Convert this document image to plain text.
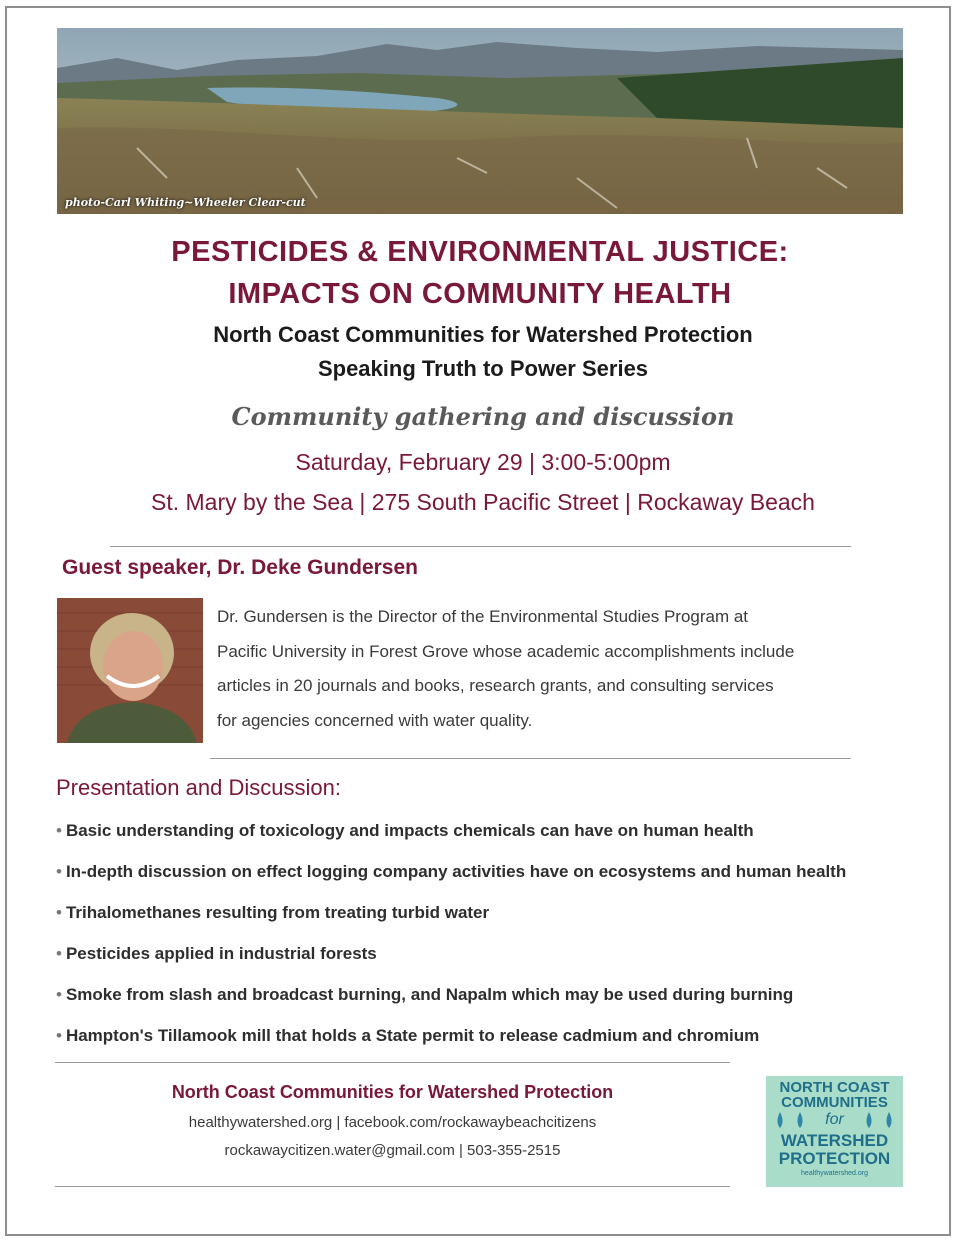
photo-Carl Whiting~Wheeler Clear-cut
PESTICIDES & ENVIRONMENTAL JUSTICE:
IMPACTS ON COMMUNITY HEALTH
North Coast Communities for Watershed Protection
Speaking Truth to Power Series
Community gathering and discussion
Saturday, February 29 | 3:00-5:00pm
St. Mary by the Sea | 275 South Pacific Street | Rockaway Beach
Guest speaker, Dr. Deke Gundersen
Dr. Gundersen is the Director of the Environmental Studies Program at
Pacific University in Forest Grove whose academic accomplishments include
articles in 20 journals and books, research grants, and consulting services
for agencies concerned with water quality.
Presentation and Discussion:
• Basic understanding of toxicology and impacts chemicals can have on human health
• In-depth discussion on effect logging company activities have on ecosystems and human health
• Trihalomethanes resulting from treating turbid water
• Pesticides applied in industrial forests
• Smoke from slash and broadcast burning, and Napalm which may be used during burning
• Hampton's Tillamook mill that holds a State permit to release cadmium and chromium
North Coast Communities for Watershed Protection
healthywatershed.org | facebook.com/rockawaybeachcitizens
rockawaycitizen.water@gmail.com | 503-355-2515
NORTH COAST
COMMUNITIES
for
WATERSHED
PROTECTION
healthywatershed.org
